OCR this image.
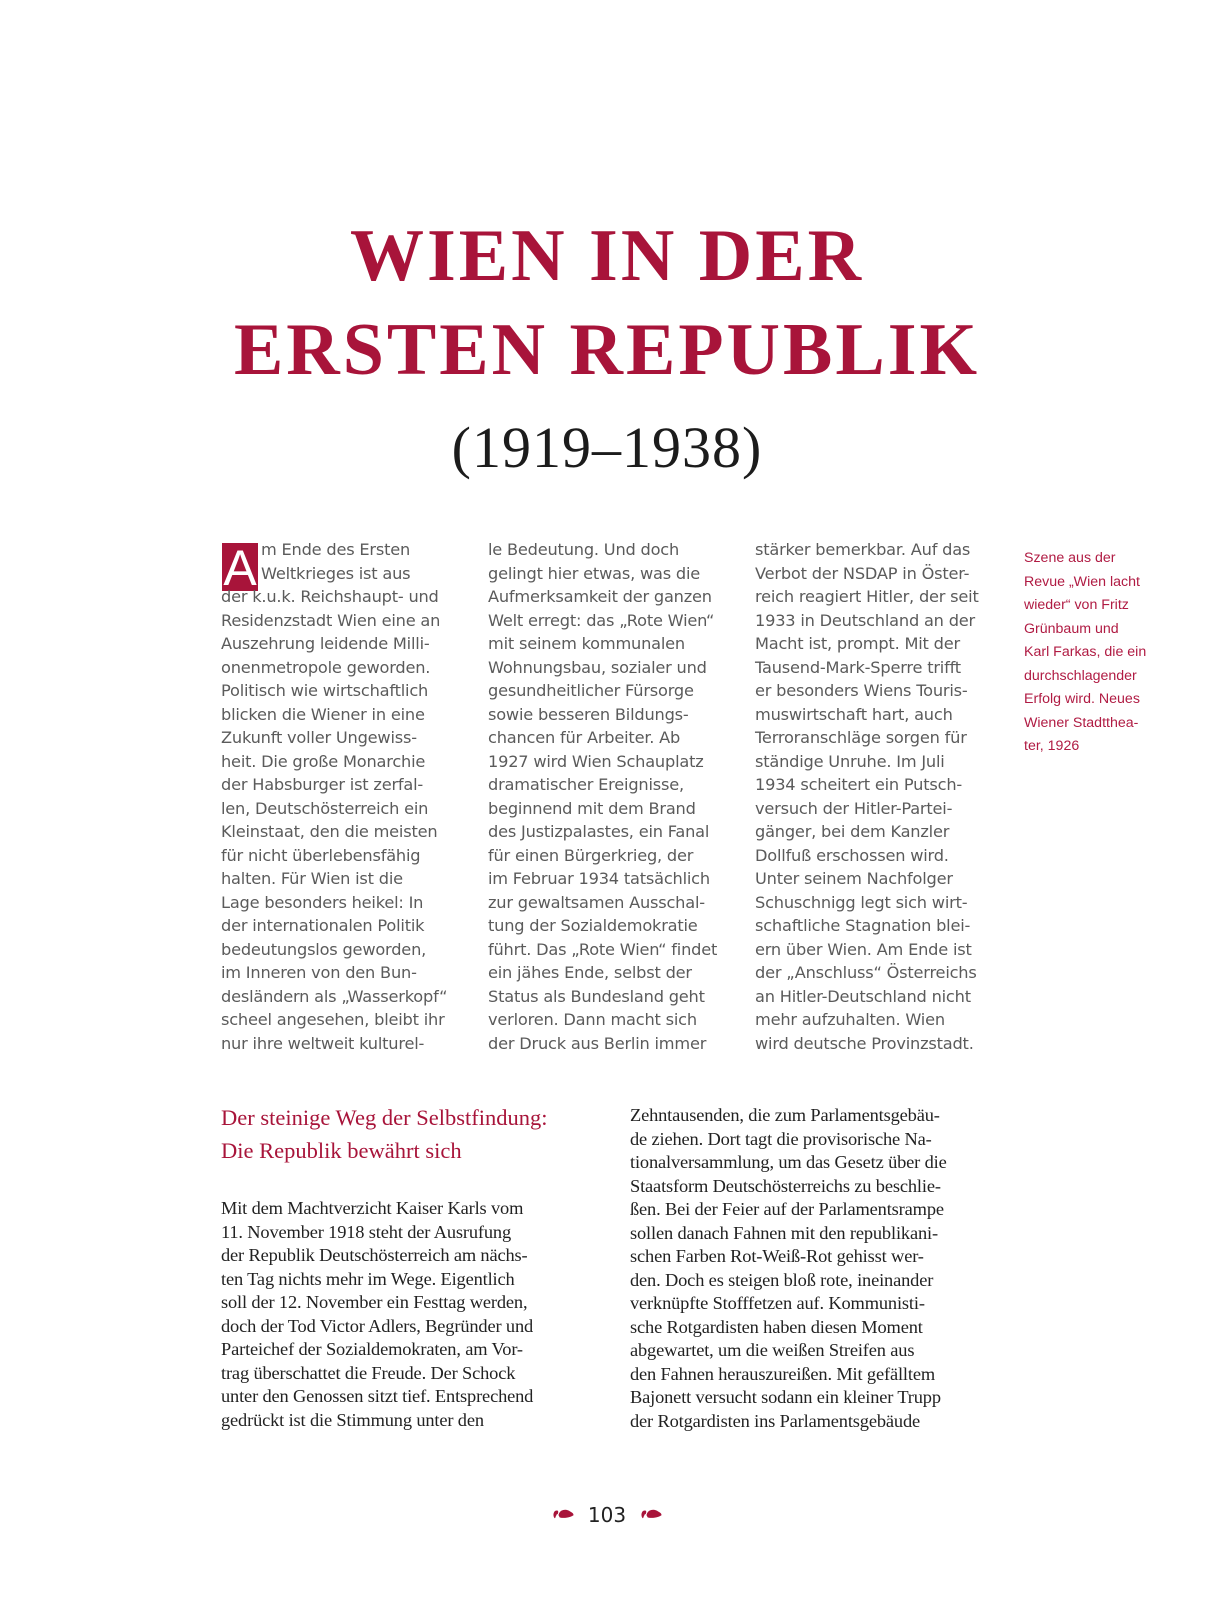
WIEN IN DER
ERSTEN REPUBLIK
(1919–1938)
A m Ende des Ersten
Weltkrieges ist aus
der k.u.k. Reichshaupt- und
Residenzstadt Wien eine an
Auszehrung leidende Milli-
onenmetropole geworden.
Politisch wie wirtschaftlich
blicken die Wiener in eine
Zukunft voller Ungewiss-
heit. Die große Monarchie
der Habsburger ist zerfal-
len, Deutschösterreich ein
Kleinstaat, den die meisten
für nicht überlebensfähig
halten. Für Wien ist die
Lage besonders heikel: In
der internationalen Politik
bedeutungslos geworden,
im Inneren von den Bun-
desländern als „Wasserkopf“
scheel angesehen, bleibt ihr
nur ihre weltweit kulturel-
le Bedeutung. Und doch
gelingt hier etwas, was die
Aufmerksamkeit der ganzen
Welt erregt: das „Rote Wien“
mit seinem kommunalen
Wohnungsbau, sozialer und
gesundheitlicher Fürsorge
sowie besseren Bildungs-
chancen für Arbeiter. Ab
1927 wird Wien Schauplatz
dramatischer Ereignisse,
beginnend mit dem Brand
des Justizpalastes, ein Fanal
für einen Bürgerkrieg, der
im Februar 1934 tatsächlich
zur gewaltsamen Ausschal-
tung der Sozialdemokratie
führt. Das „Rote Wien“ findet
ein jähes Ende, selbst der
Status als Bundesland geht
verloren. Dann macht sich
der Druck aus Berlin immer
stärker bemerkbar. Auf das
Verbot der NSDAP in Öster-
reich reagiert Hitler, der seit
1933 in Deutschland an der
Macht ist, prompt. Mit der
Tausend-Mark-Sperre trifft
er besonders Wiens Touris-
muswirtschaft hart, auch
Terroranschläge sorgen für
ständige Unruhe. Im Juli
1934 scheitert ein Putsch-
versuch der Hitler-Partei-
gänger, bei dem Kanzler
Dollfuß erschossen wird.
Unter seinem Nachfolger
Schuschnigg legt sich wirt-
schaftliche Stagnation blei-
ern über Wien. Am Ende ist
der „Anschluss“ Österreichs
an Hitler-Deutschland nicht
mehr aufzuhalten. Wien
wird deutsche Provinzstadt.
Szene aus der
Revue „Wien lacht
wieder“ von Fritz
Grünbaum und
Karl Farkas, die ein
durchschlagender
Erfolg wird. Neues
Wiener Stadtthea-
ter, 1926
Der steinige Weg der Selbstfindung:
Die Republik bewährt sich
Mit dem Machtverzicht Kaiser Karls vom
11. November 1918 steht der Ausrufung
der Republik Deutschösterreich am nächs-
ten Tag nichts mehr im Wege. Eigentlich
soll der 12. November ein Festtag werden,
doch der Tod Victor Adlers, Begründer und
Parteichef der Sozialdemokraten, am Vor-
trag überschattet die Freude. Der Schock
unter den Genossen sitzt tief. Entsprechend
gedrückt ist die Stimmung unter den
Zehntausenden, die zum Parlamentsgebäu-
de ziehen. Dort tagt die provisorische Na-
tionalversammlung, um das Gesetz über die
Staatsform Deutschösterreichs zu beschlie-
ßen. Bei der Feier auf der Parlamentsrampe
sollen danach Fahnen mit den republikani-
schen Farben Rot-Weiß-Rot gehisst wer-
den. Doch es steigen bloß rote, ineinander
verknüpfte Stofffetzen auf. Kommunisti-
sche Rotgardisten haben diesen Moment
abgewartet, um die weißen Streifen aus
den Fahnen herauszureißen. Mit gefälltem
Bajonett versucht sodann ein kleiner Trupp
der Rotgardisten ins Parlamentsgebäude
103
